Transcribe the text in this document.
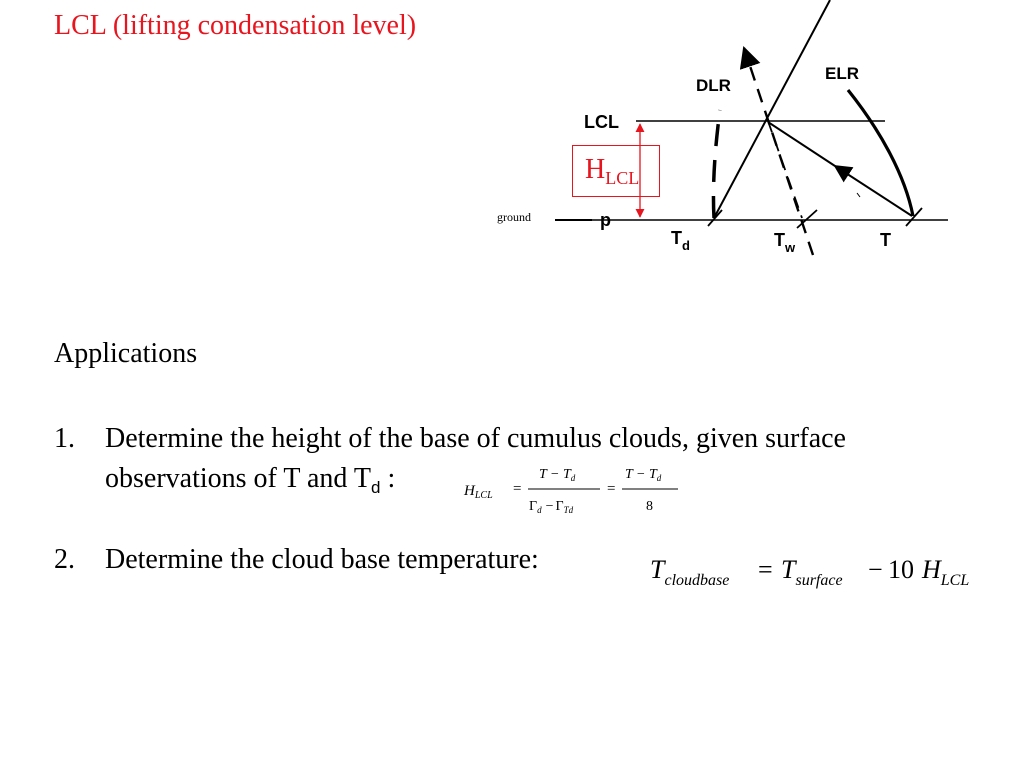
LCL (lifting condensation level)
DLR
ELR
LCL
p
$T_d$	$T_w$	T
$H_{LCL}$
ground
Applications
1. Determine the height of the base of cumulus clouds, given surface
observations of T and $T_d$ :	$H_{LCL}$ =
$T - T_d$
$\Gamma_d - \Gamma_{Td}$
=
$T - T_d$
8
2. Determine the cloud base temperature:	$T_{cloudbase} = T_{surface} - 10$ $H_{LCL}$
